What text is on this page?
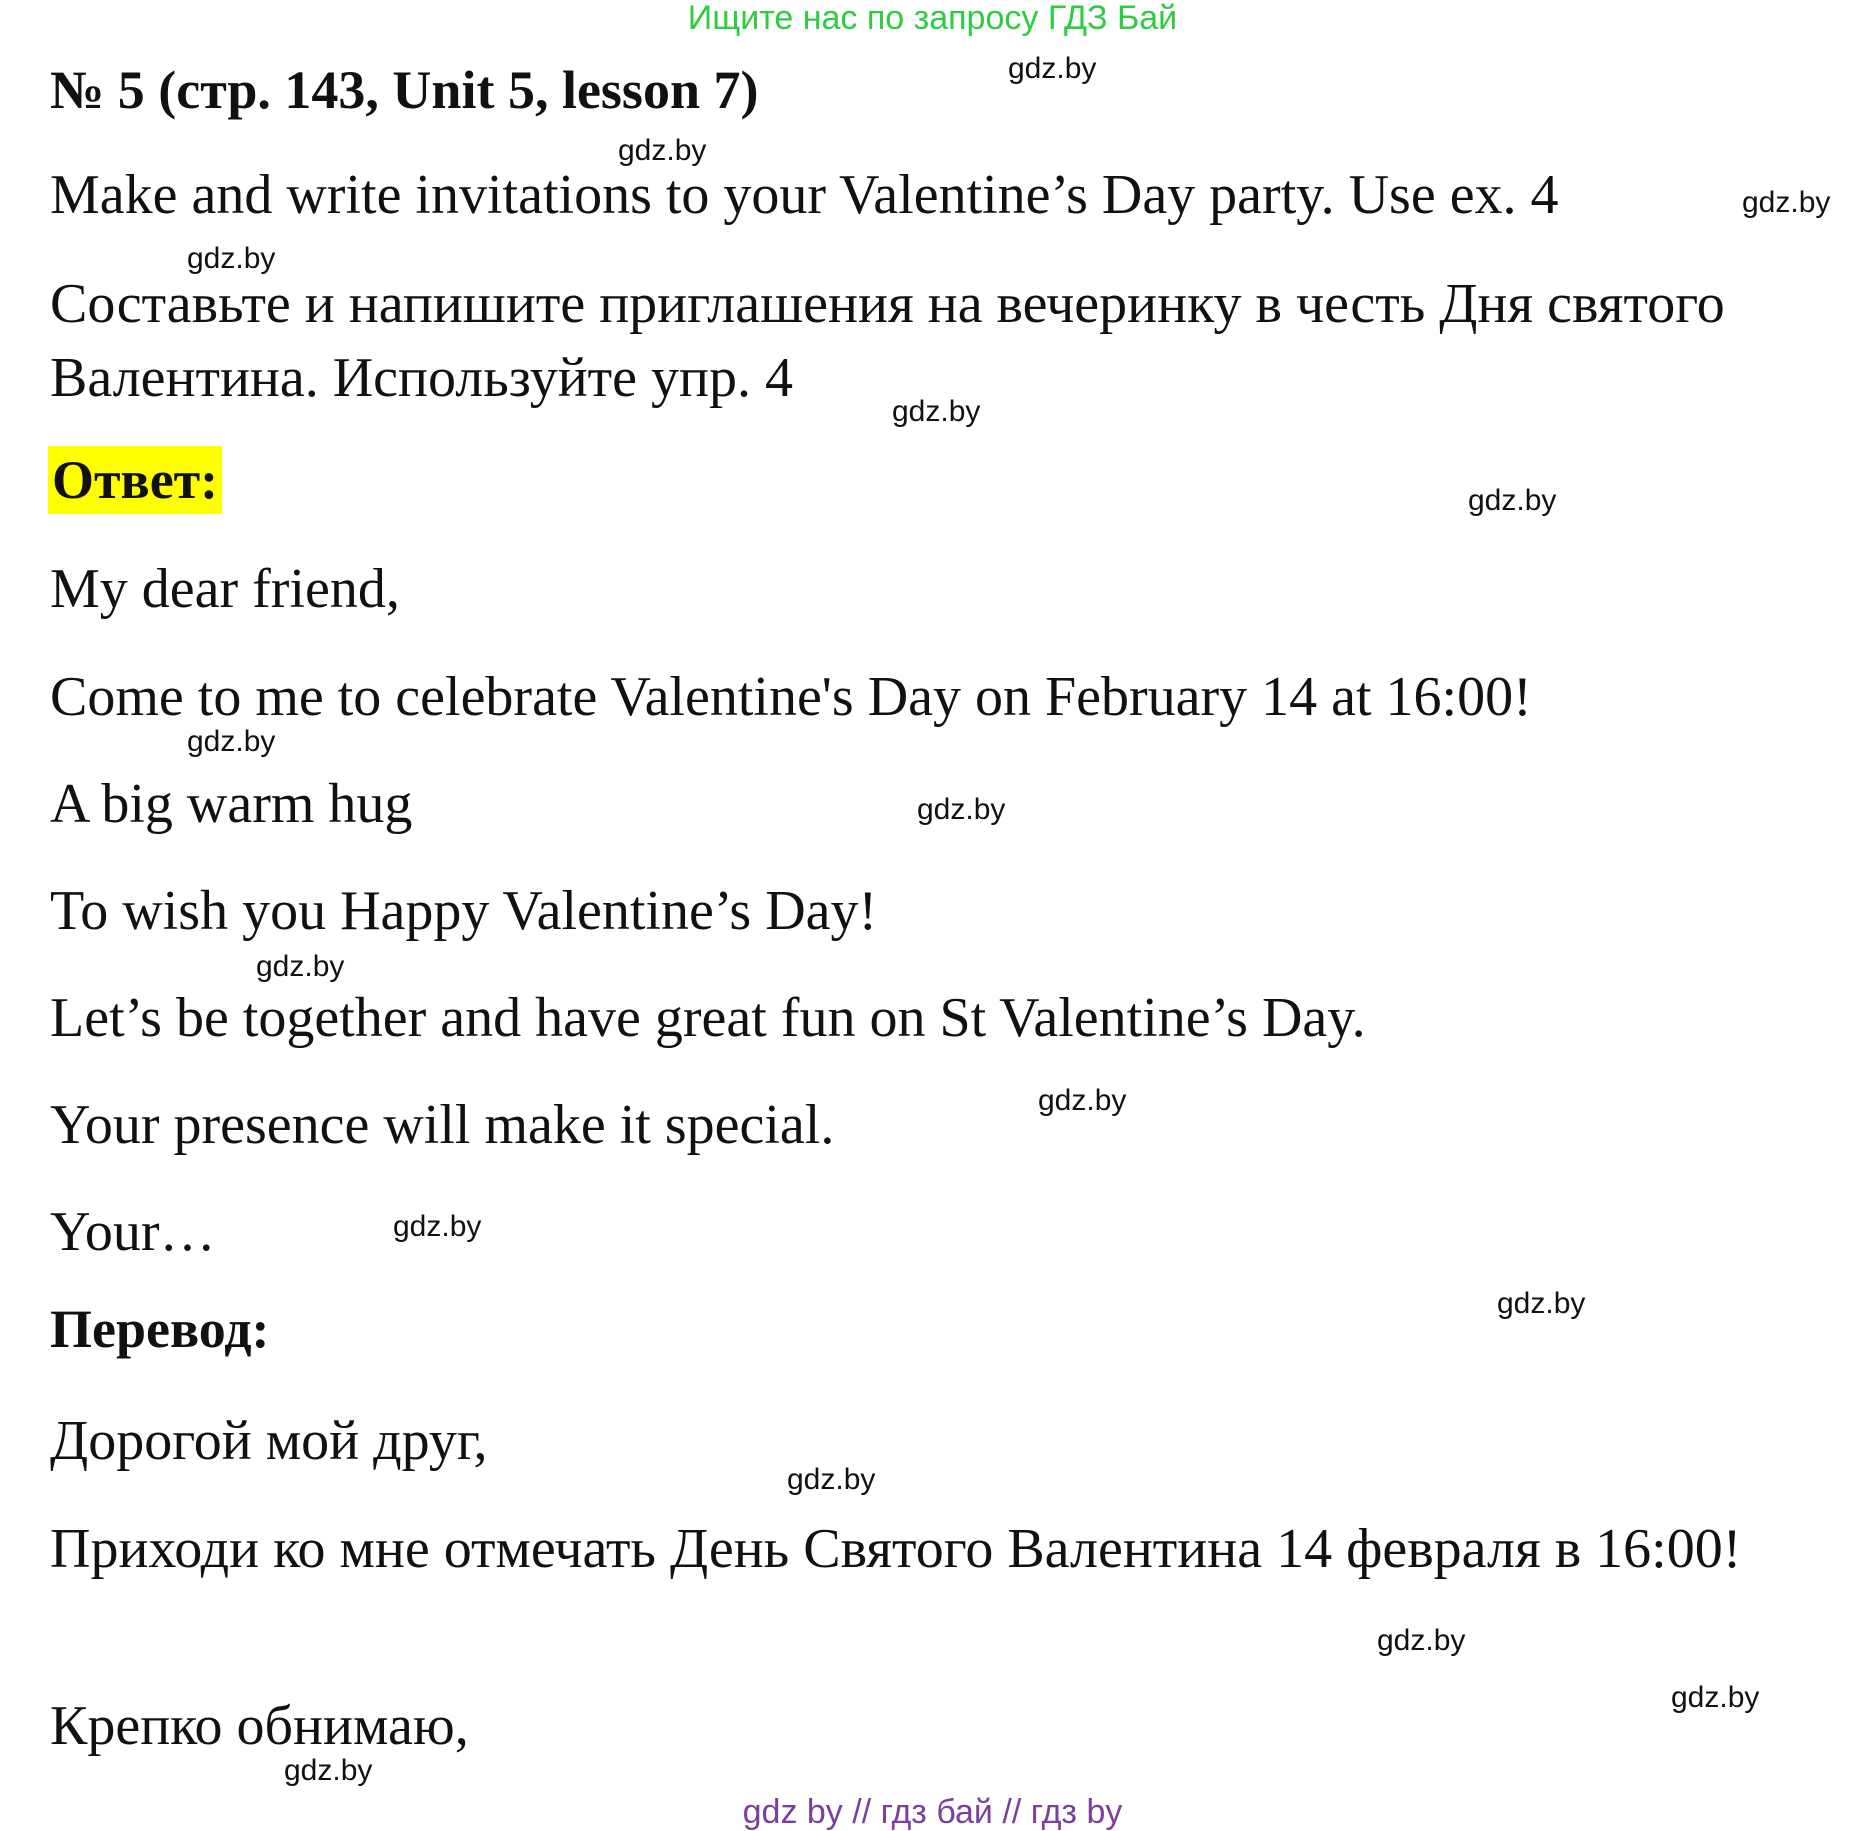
Ищите нас по запросу ГДЗ Бай
№ 5 (стр. 143, Unit 5, lesson 7)
Make and write invitations to your Valentine’s Day party. Use ex. 4
Составьте и напишите приглашения на вечеринку в честь Дня святого Валентина. Используйте упр. 4
Ответ:
My dear friend,
Come to me to celebrate Valentine's Day on February 14 at 16:00!
A big warm hug
To wish you Happy Valentine’s Day!
Let’s be together and have great fun on St Valentine’s Day.
Your presence will make it special.
Your…
Перевод:
Дорогой мой друг,
Приходи ко мне отмечать День Святого Валентина 14 февраля в 16:00!
Крепко обнимаю,
gdz.by
gdz.by
gdz.by
gdz.by
gdz.by
gdz.by
gdz.by
gdz.by
gdz.by
gdz.by
gdz.by
gdz.by
gdz.by
gdz.by
gdz.by
gdz.by
gdz by // гдз бай // гдз by
